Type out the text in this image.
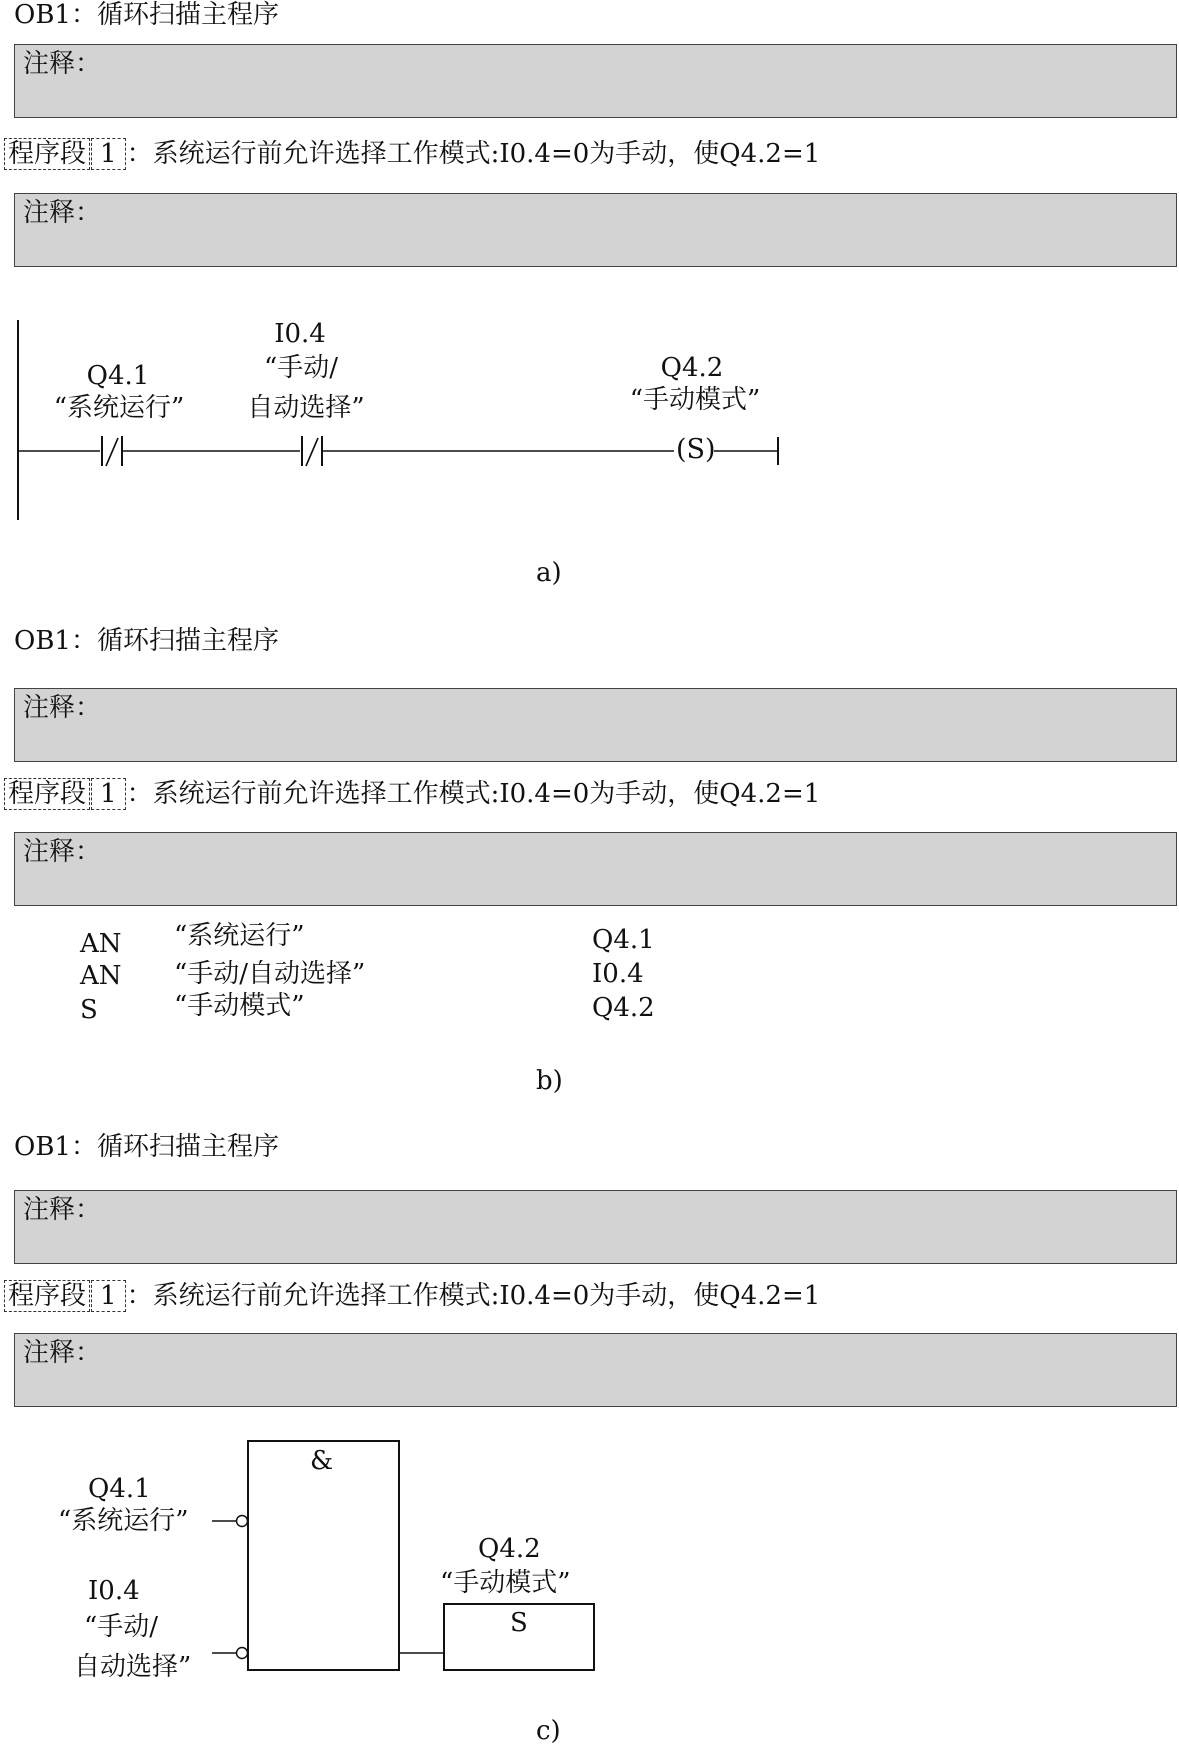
OB1：循环扫描主程序
注释：
程序段 1 ：系统运行前允许选择工作模式:I0.4=0为手动，使Q4.2=1
注释：
(S)
Q4.1
“系统运行”
I0.4
“手动/
自动选择”
Q4.2
“手动模式”
a)
OB1：循环扫描主程序
注释：
程序段 1 ：系统运行前允许选择工作模式:I0.4=0为手动，使Q4.2=1
注释：
AN “系统运行”	Q4.1
AN “手动/自动选择”	I0.4
S	“手动模式”	Q4.2
b)
OB1：循环扫描主程序
注释：
程序段 1 ：系统运行前允许选择工作模式:I0.4=0为手动，使Q4.2=1
注释：
&
S
Q4.1
“系统运行”
I0.4
“手动/
自动选择”
Q4.2
“手动模式”
c)
